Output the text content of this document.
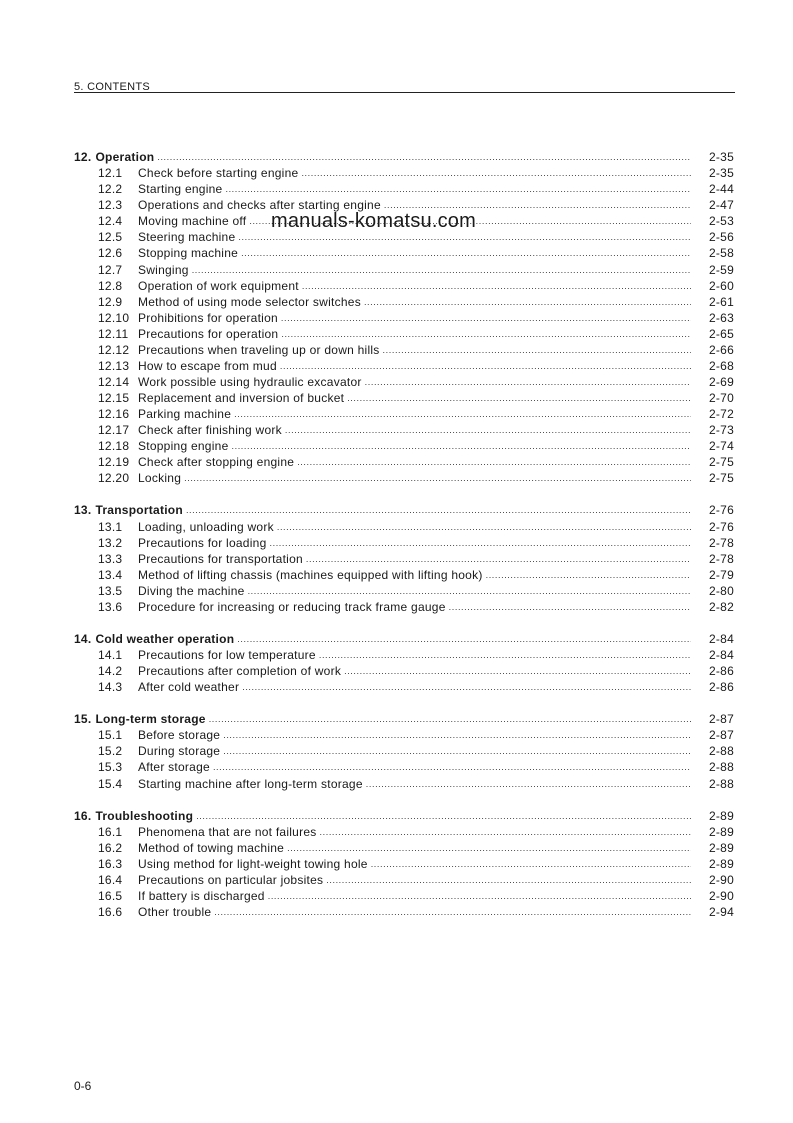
5. CONTENTS
12. Operation .....	2-35
12.1	Check before starting engine .....	2-35
12.2	Starting engine .....	2-44
12.3	Operations and checks after starting engine .....	2-47
12.4	Moving machine off .....	2-53
12.5	Steering machine .....	2-56
12.6	Stopping machine .....	2-58
12.7	Swinging .....	2-59
12.8	Operation of work equipment .....	2-60
12.9	Method of using mode selector switches .....	2-61
12.10 Prohibitions for operation .....	2-63
12.11 Precautions for operation .....	2-65
12.12 Precautions when traveling up or down hills .....	2-66
12.13 How to escape from mud .....	2-68
12.14 Work possible using hydraulic excavator .....	2-69
12.15 Replacement and inversion of bucket .....	2-70
12.16 Parking machine .....	2-72
12.17 Check after finishing work .....	2-73
12.18 Stopping engine .....	2-74
12.19 Check after stopping engine .....	2-75
12.20 Locking .....	2-75
13. Transportation .....	2-76
13.1	Loading, unloading work .....	2-76
13.2	Precautions for loading .....	2-78
13.3	Precautions for transportation .....	2-78
13.4	Method of lifting chassis (machines equipped with lifting hook) .....	2-79
13.5	Diving the machine .....	2-80
13.6	Procedure for increasing or reducing track frame gauge .....	2-82
14. Cold weather operation .....	2-84
14.1	Precautions for low temperature .....	2-84
14.2	Precautions after completion of work .....	2-86
14.3	After cold weather .....	2-86
15. Long-term storage .....	2-87
15.1	Before storage .....	2-87
15.2	During storage .....	2-88
15.3	After storage .....	2-88
15.4	Starting machine after long-term storage .....	2-88
16. Troubleshooting .....	2-89
16.1	Phenomena that are not failures .....	2-89
16.2	Method of towing machine .....	2-89
16.3	Using method for light-weight towing hole .....	2-89
16.4	Precautions on particular jobsites .....	2-90
16.5	If battery is discharged .....	2-90
16.6	Other trouble .....	2-94
manuals-komatsu.com
0-6
